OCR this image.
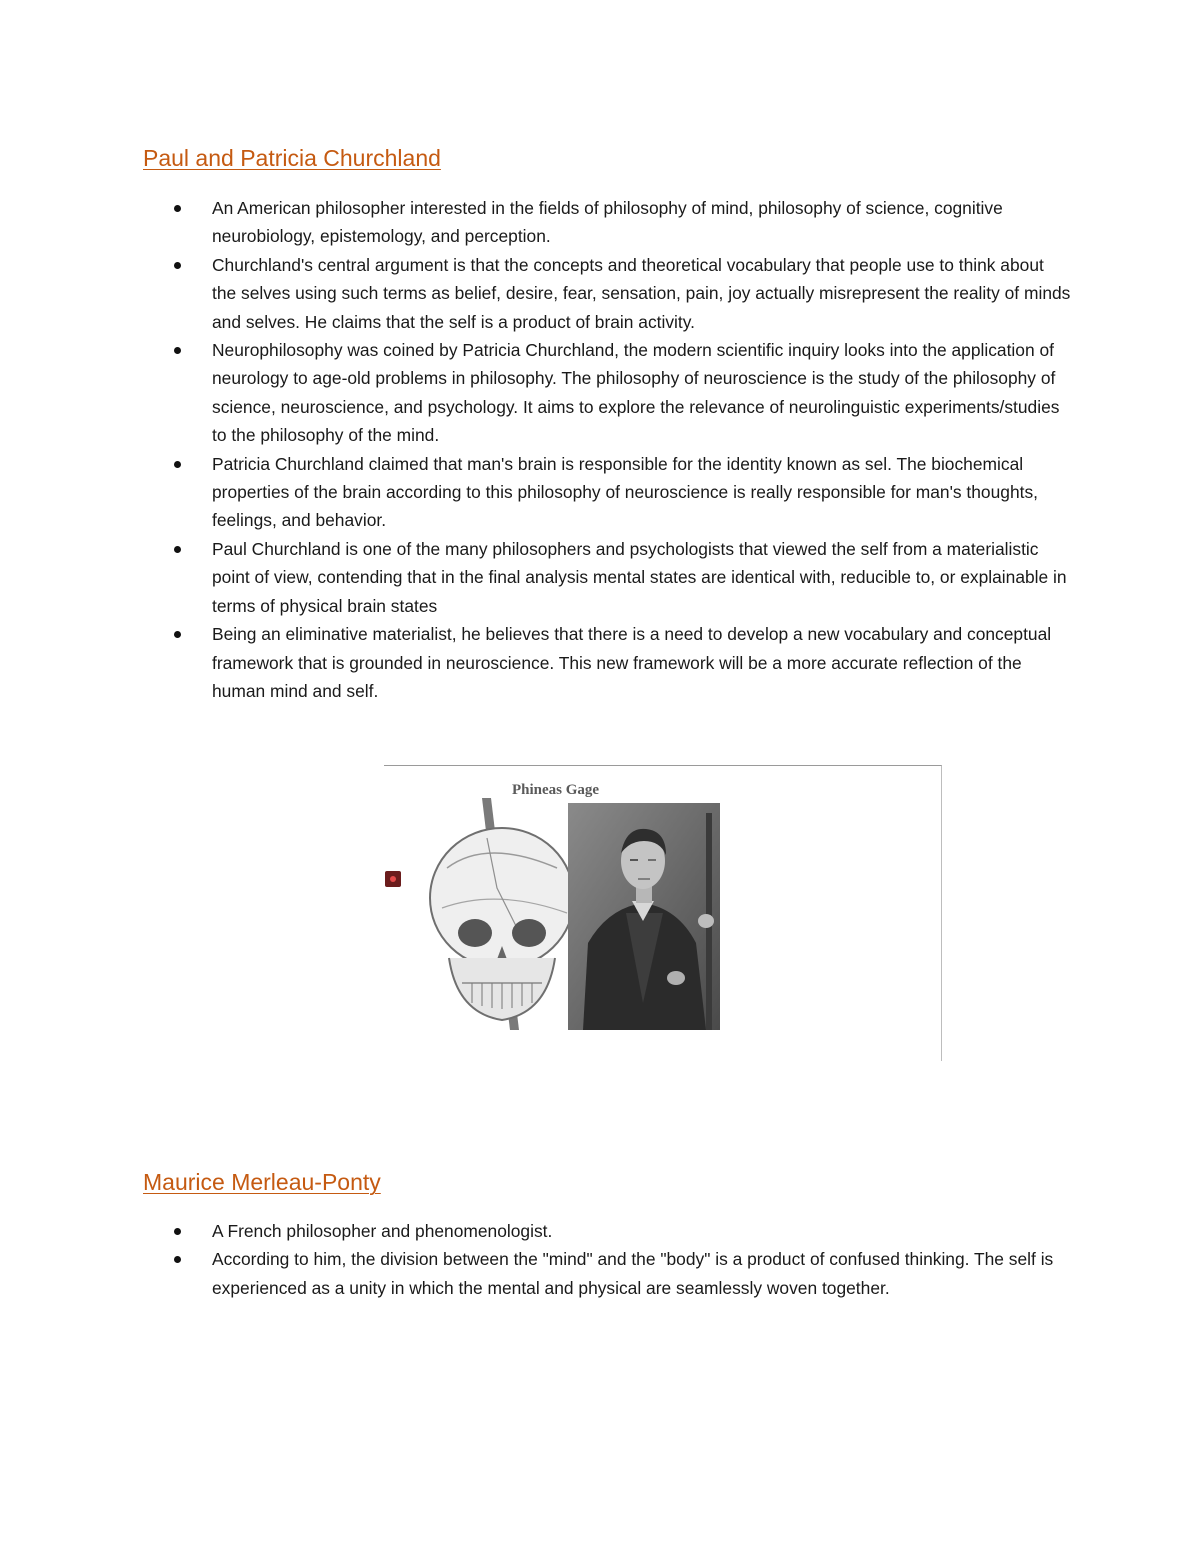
Paul and Patricia Churchland
An American philosopher interested in the fields of philosophy of mind, philosophy of science, cognitive neurobiology, epistemology, and perception.
Churchland's central argument is that the concepts and theoretical vocabulary that people use to think about the selves using such terms as belief, desire, fear, sensation, pain, joy actually misrepresent the reality of minds and selves. He claims that the self is a product of brain activity.
Neurophilosophy was coined by Patricia Churchland, the modern scientific inquiry looks into the application of neurology to age-old problems in philosophy. The philosophy of neuroscience is the study of the philosophy of science, neuroscience, and psychology. It aims to explore the relevance of neurolinguistic experiments/studies to the philosophy of the mind.
Patricia Churchland claimed that man's brain is responsible for the identity known as sel. The biochemical properties of the brain according to this philosophy of neuroscience is really responsible for man's thoughts, feelings, and behavior.
Paul Churchland is one of the many philosophers and psychologists that viewed the self from a materialistic point of view, contending that in the final analysis mental states are identical with, reducible to, or explainable in terms of physical brain states
Being an eliminative materialist, he believes that there is a need to develop a new vocabulary and conceptual framework that is grounded in neuroscience. This new framework will be a more accurate reflection of the human mind and self.
Phineas Gage
Maurice Merleau-Ponty
A French philosopher and phenomenologist.
According to him, the division between the "mind" and the "body" is a product of confused thinking. The self is experienced as a unity in which the mental and physical are seamlessly woven together.
